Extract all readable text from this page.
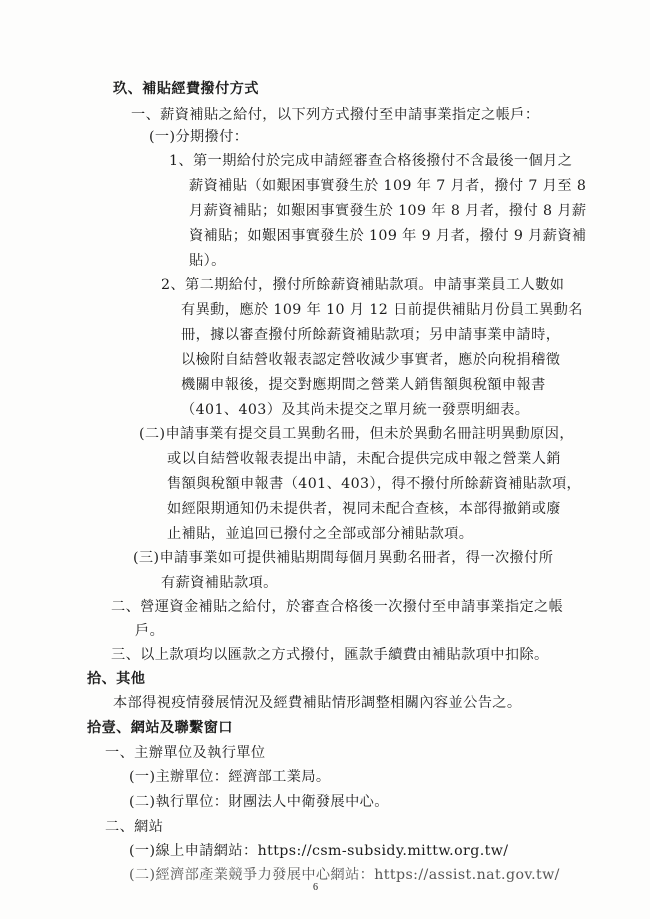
玖、補貼經費撥付方式
一、薪資補貼之給付，以下列方式撥付至申請事業指定之帳戶：
(一)分期撥付：
1、第一期給付於完成申請經審查合格後撥付不含最後一個月之
薪資補貼（如艱困事實發生於 109 年 7 月者，撥付 7 月至 8
月薪資補貼；如艱困事實發生於 109 年 8 月者，撥付 8 月薪
資補貼；如艱困事實發生於 109 年 9 月者，撥付 9 月薪資補
貼）。
2、第二期給付，撥付所餘薪資補貼款項。申請事業員工人數如
有異動，應於 109 年 10 月 12 日前提供補貼月份員工異動名
冊，據以審查撥付所餘薪資補貼款項；另申請事業申請時，
以檢附自結營收報表認定營收減少事實者，應於向稅捐稽徵
機關申報後，提交對應期間之營業人銷售額與稅額申報書
（401、403）及其尚未提交之單月統一發票明細表。
(二)申請事業有提交員工異動名冊，但未於異動名冊註明異動原因，
或以自結營收報表提出申請，未配合提供完成申報之營業人銷
售額與稅額申報書（401、403），得不撥付所餘薪資補貼款項，
如經限期通知仍未提供者，視同未配合查核，本部得撤銷或廢
止補貼，並追回已撥付之全部或部分補貼款項。
(三)申請事業如可提供補貼期間每個月異動名冊者，得一次撥付所
有薪資補貼款項。
二、營運資金補貼之給付，於審查合格後一次撥付至申請事業指定之帳
戶。
三、以上款項均以匯款之方式撥付，匯款手續費由補貼款項中扣除。
拾、其他
本部得視疫情發展情況及經費補貼情形調整相關內容並公告之。
拾壹、網站及聯繫窗口
一、主辦單位及執行單位
(一)主辦單位：經濟部工業局。
(二)執行單位：財團法人中衛發展中心。
二、網站
(一)線上申請網站：https://csm-subsidy.mittw.org.tw/
(二)經濟部產業競爭力發展中心網站：https://assist.nat.gov.tw/
6
